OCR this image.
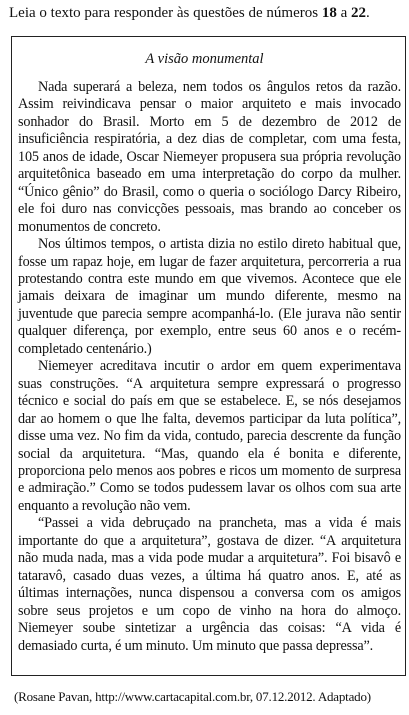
Leia o texto para responder às questões de números 18 a 22.
A visão monumental

Nada superará a beleza, nem todos os ângulos retos da razão. Assim reivindicava pensar o maior arquiteto e mais invocado sonhador do Brasil. Morto em 5 de dezembro de 2012 de insuficiência respiratória, a dez dias de completar, com uma festa, 105 anos de idade, Oscar Niemeyer propusera sua própria revolução arquitetônica baseado em uma interpretação do corpo da mulher. “Único gênio” do Brasil, como o queria o sociólogo Darcy Ribeiro, ele foi duro nas convicções pessoais, mas brando ao conceber os monumentos de concreto.

Nos últimos tempos, o artista dizia no estilo direto habitual que, fosse um rapaz hoje, em lugar de fazer arquitetura, percorreria a rua protestando contra este mundo em que vivemos. Acontece que ele jamais deixara de imaginar um mundo diferente, mesmo na juventude que parecia sempre acompanhá-lo. (Ele jurava não sentir qualquer diferença, por exemplo, entre seus 60 anos e o recém-completado centenário.)

Niemeyer acreditava incutir o ardor em quem experimentava suas construções. “A arquitetura sempre expressará o progresso técnico e social do país em que se estabelece. E, se nós desejamos dar ao homem o que lhe falta, devemos participar da luta política”, disse uma vez. No fim da vida, contudo, parecia descrente da função social da arquitetura. “Mas, quando ela é bonita e diferente, proporciona pelo menos aos pobres e ricos um momento de surpresa e admiração.” Como se todos pudessem lavar os olhos com sua arte enquanto a revolução não vem.

“Passei a vida debruçado na prancheta, mas a vida é mais importante do que a arquitetura”, gostava de dizer. “A arquitetura não muda nada, mas a vida pode mudar a arquitetura”. Foi bisavô e tataravô, casado duas vezes, a última há quatro anos. E, até as últimas internações, nunca dispensou a conversa com os amigos sobre seus projetos e um copo de vinho na hora do almoço. Niemeyer soube sintetizar a urgência das coisas: “A vida é demasiado curta, é um minuto. Um minuto que passa depressa”.

(Rosane Pavan, http://www.cartacapital.com.br, 07.12.2012. Adaptado)
